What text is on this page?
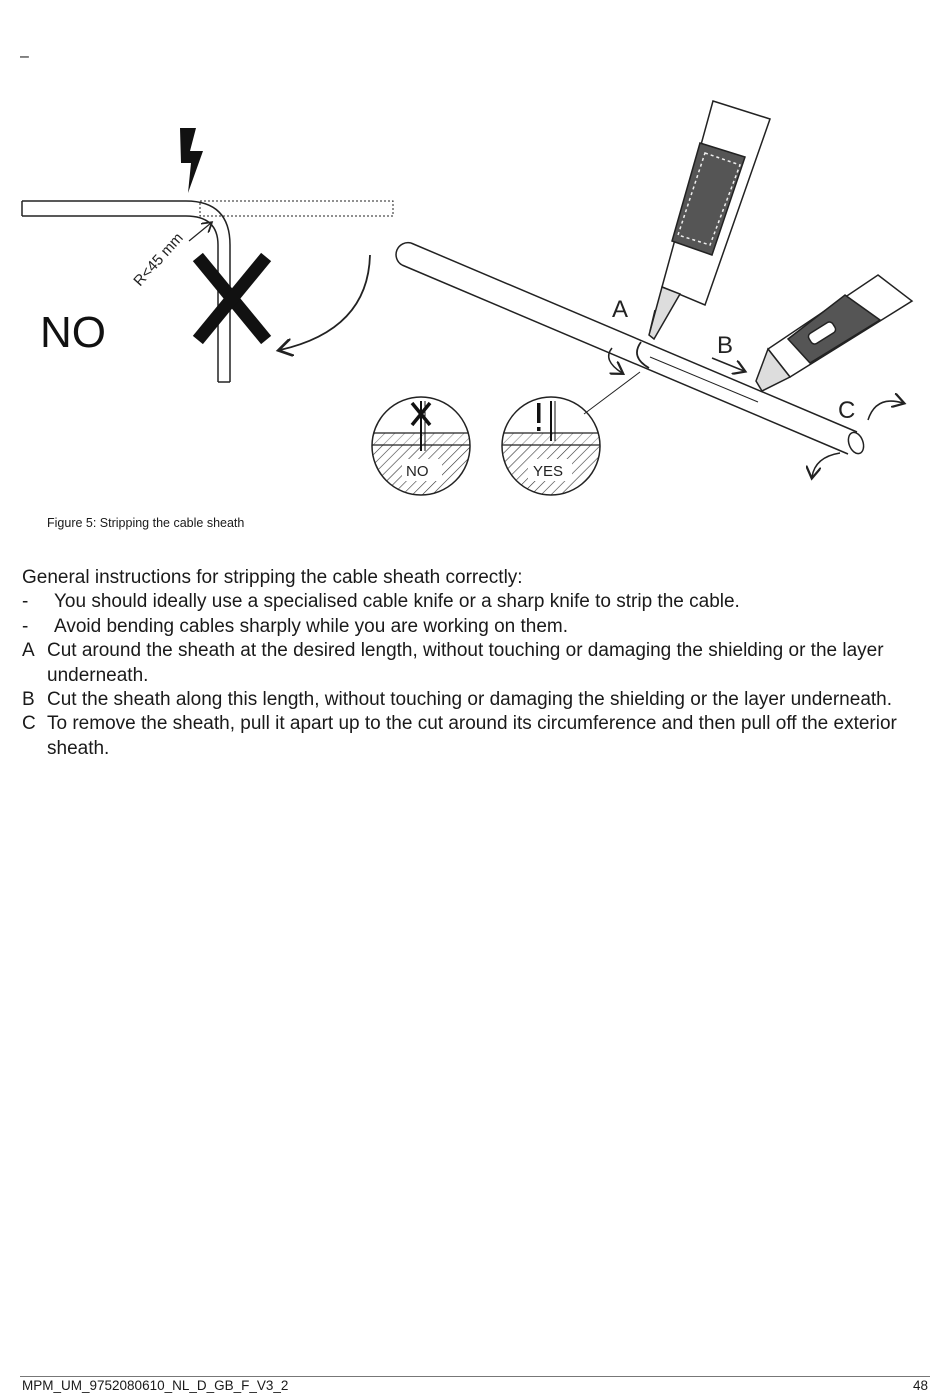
–
R<45 mm
NO	A
B
C
NO	YES
Figure 5: Stripping the cable sheath

General instructions for stripping the cable sheath correctly:

-	You should ideally use a specialised cable knife or a sharp knife to strip the cable.
-	Avoid bending cables sharply while you are working on them.
A Cut around the sheath at the desired length, without touching or damaging the shielding or the layer underneath.
B Cut the sheath along this length, without touching or damaging the shielding or the layer underneath.
C To remove the sheath, pull it apart up to the cut around its circumference and then pull off the exterior sheath.
MPM_UM_9752080610_NL_D_GB_F_V3_2	48
